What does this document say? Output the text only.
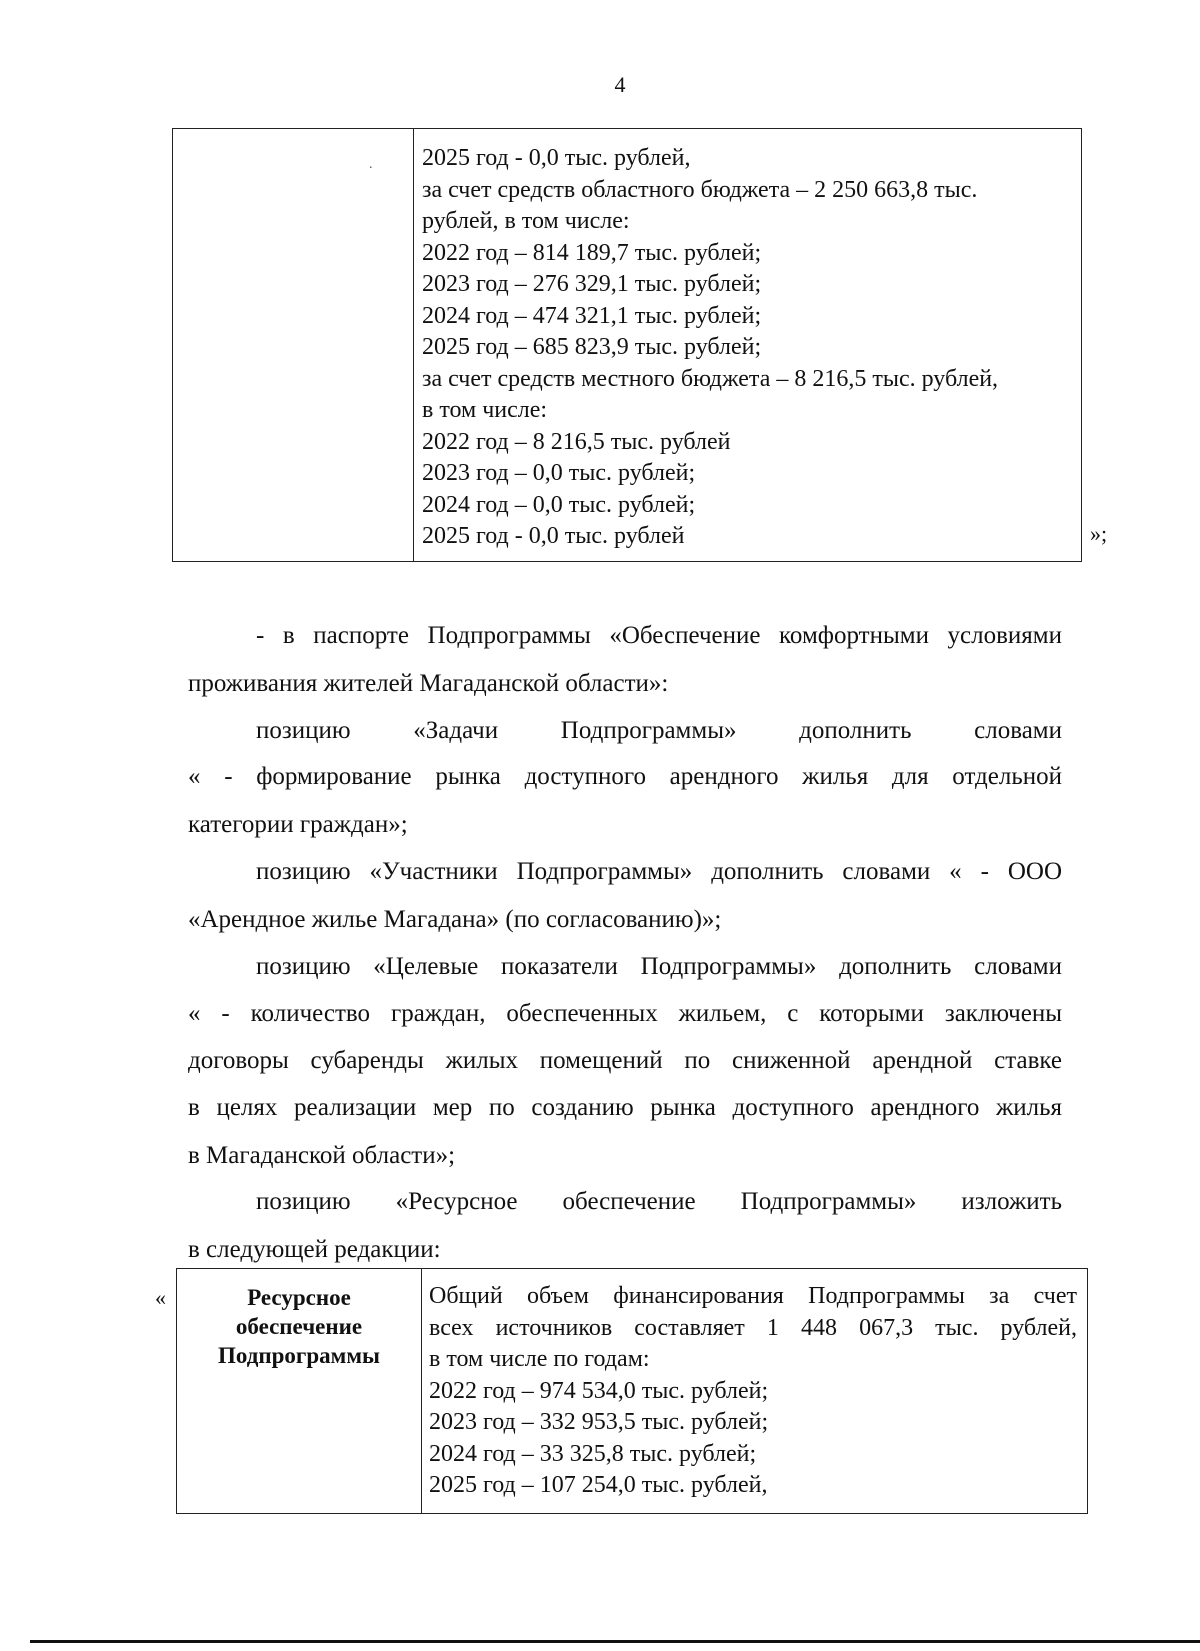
4
. 2025 год - 0,0 тыс. рублей,
за счет средств областного бюджета – 2 250 663,8 тыс.
рублей, в том числе:
2022 год – 814 189,7 тыс. рублей;
2023 год – 276 329,1 тыс. рублей;
2024 год – 474 321,1 тыс. рублей;
2025 год – 685 823,9 тыс. рублей;
за счет средств местного бюджета – 8 216,5 тыс. рублей,
в том числе:
2022 год – 8 216,5 тыс. рублей
2023 год – 0,0 тыс. рублей;
2024 год – 0,0 тыс. рублей;
2025 год - 0,0 тыс. рублей	»;
- в паспорте Подпрограммы «Обеспечение комфортными условиями
проживания жителей Магаданской области»:
позицию «Задачи Подпрограммы» дополнить словами
« - формирование рынка доступного арендного жилья для отдельной
категории граждан»;
позицию «Участники Подпрограммы» дополнить словами « - ООО
«Арендное жилье Магадана» (по согласованию)»;
позицию «Целевые показатели Подпрограммы» дополнить словами
« - количество граждан, обеспеченных жильем, с которыми заключены
договоры субаренды жилых помещений по сниженной арендной ставке
в целях реализации мер по созданию рынка доступного арендного жилья
в Магаданской области»;
позицию «Ресурсное обеспечение Подпрограммы» изложить
в следующей редакции:
«	Ресурсное
обеспечение
Подпрограммы
Общий объем финансирования Подпрограммы за счет
всех источников составляет 1 448 067,3 тыс. рублей,
в том числе по годам:
2022 год – 974 534,0 тыс. рублей;
2023 год – 332 953,5 тыс. рублей;
2024 год – 33 325,8 тыс. рублей;
2025 год – 107 254,0 тыс. рублей,
